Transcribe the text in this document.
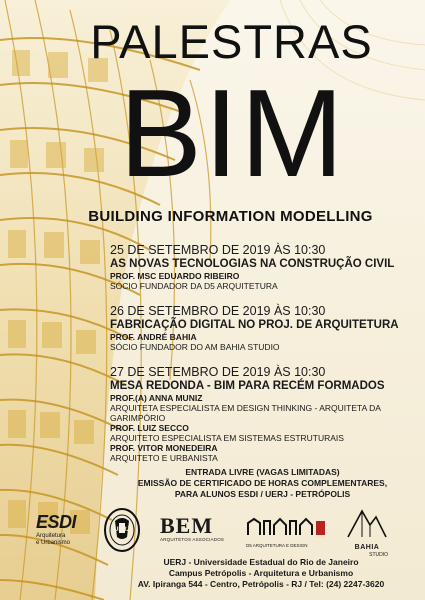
PALESTRAS
BIM
BUILDING INFORMATION MODELLING
25 DE SETEMBRO DE 2019 ÀS 10:30
AS NOVAS TECNOLOGIAS NA CONSTRUÇÃO CIVIL
PROF. MSC EDUARDO RIBEIRO
SÓCIO FUNDADOR DA D5 ARQUITETURA
26 DE SETEMBRO DE 2019 ÀS 10:30
FABRICAÇÃO DIGITAL NO PROJ. DE ARQUITETURA
PROF. ANDRÉ BAHIA
SÓCIO FUNDADOR DO AM BAHIA STUDIO
27 DE SETEMBRO DE 2019 ÀS 10:30
MESA REDONDA - BIM PARA RECÉM FORMADOS
PROF.(A) ANNA MUNIZ
ARQUITETA ESPECIALISTA EM DESIGN THINKING - ARQUITETA DA GARIMPÓRIO
PROF. LUIZ SECCO
ARQUITETO ESPECIALISTA EM SISTEMAS ESTRUTURAIS
PROF. VITOR MONEDEIRA
ARQUITETO E URBANISTA
ENTRADA LIVRE (VAGAS LIMITADAS)
EMISSÃO DE CERTIFICADO DE HORAS COMPLEMENTARES,
PARA ALUNOS ESDI / UERJ - PETRÓPOLIS
ESDI
Arquitetura
e Urbanismo
UERJ	BEM
ARQUITETOS ASSOCIADOS
D5 ARQUITETURA E DESIGN	BAHIA
STUDIO
UERJ - Universidade Estadual do Rio de Janeiro
Campus Petrópolis - Arquitetura e Urbanismo
AV. Ipiranga 544 - Centro, Petrópolis - RJ / Tel: (24) 2247-3620
